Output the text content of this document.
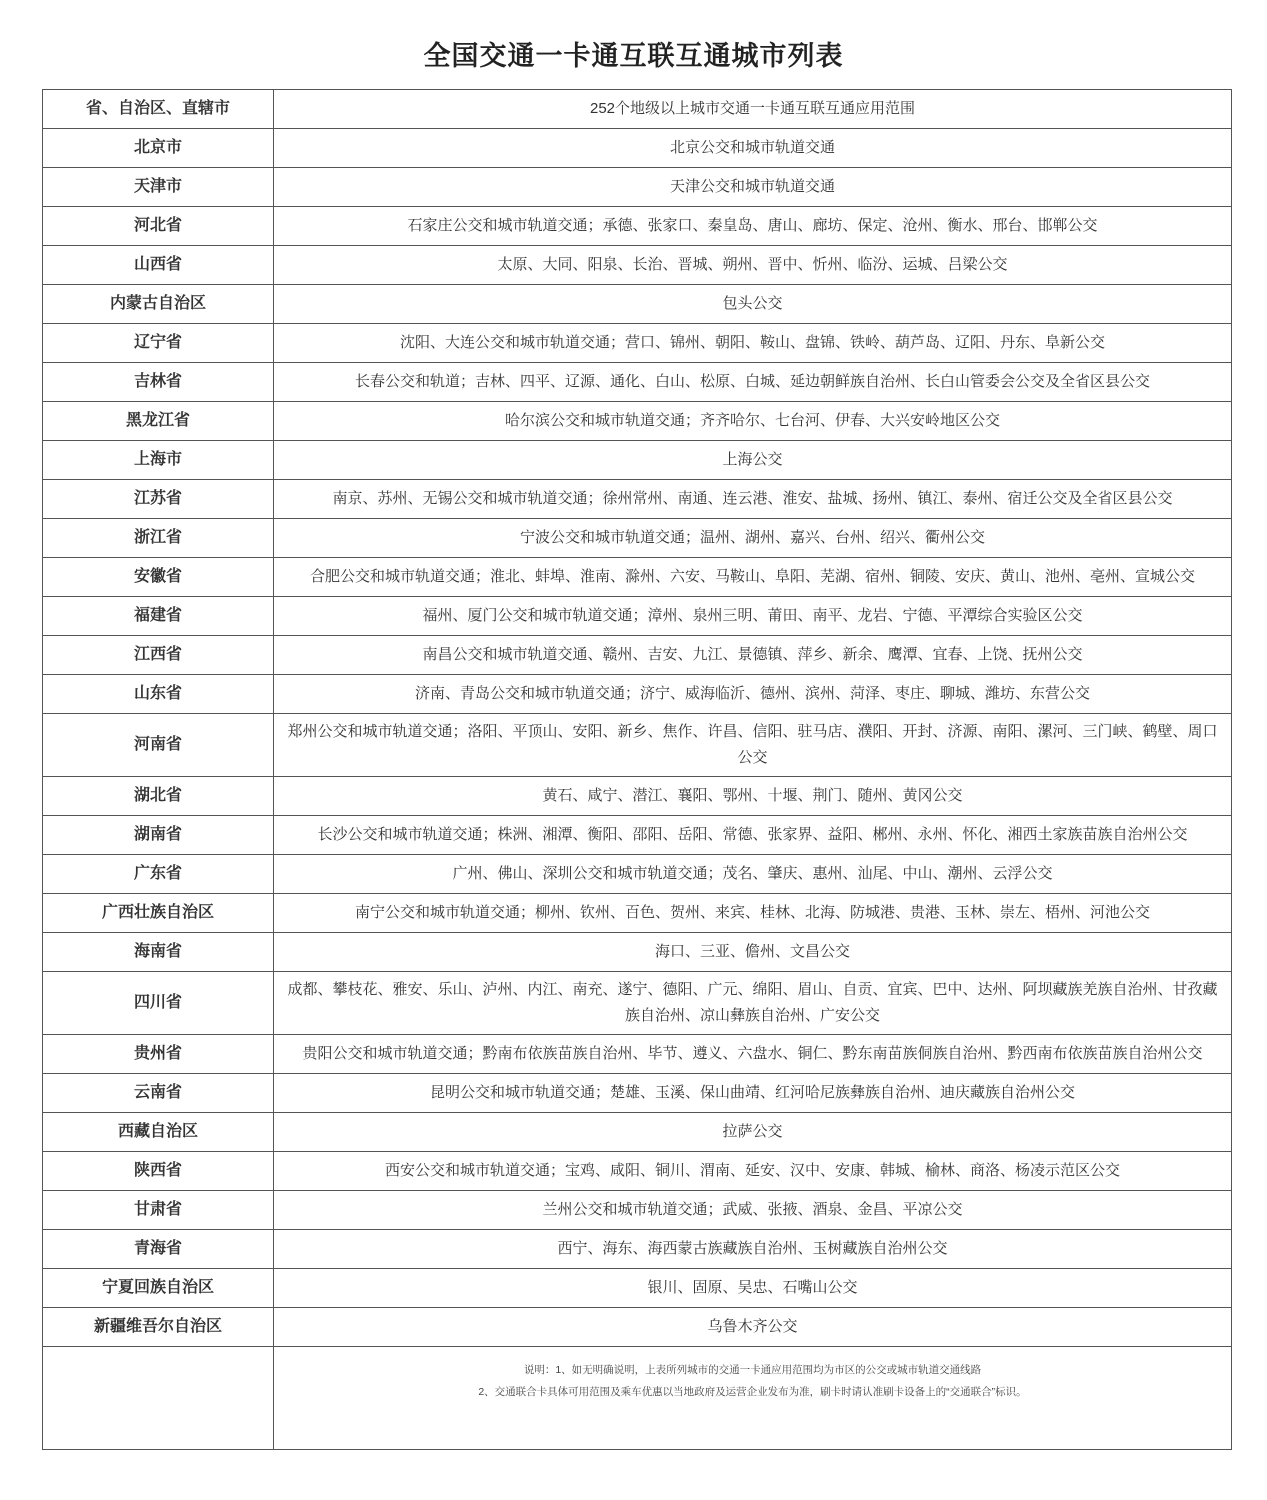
全国交通一卡通互联互通城市列表
省、自治区、直辖市	252个地级以上城市交通一卡通互联互通应用范围
北京市	北京公交和城市轨道交通
天津市	天津公交和城市轨道交通
河北省	石家庄公交和城市轨道交通；承德、张家口、秦皇岛、唐山、廊坊、保定、沧州、衡水、邢台、邯郸公交
山西省	太原、大同、阳泉、长治、晋城、朔州、晋中、忻州、临汾、运城、吕梁公交
内蒙古自治区	包头公交
辽宁省	沈阳、大连公交和城市轨道交通；营口、锦州、朝阳、鞍山、盘锦、铁岭、葫芦岛、辽阳、丹东、阜新公交
吉林省	长春公交和轨道；吉林、四平、辽源、通化、白山、松原、白城、延边朝鲜族自治州、长白山管委会公交及全省区县公交
黑龙江省	哈尔滨公交和城市轨道交通；齐齐哈尔、七台河、伊春、大兴安岭地区公交
上海市	上海公交
江苏省	南京、苏州、无锡公交和城市轨道交通；徐州常州、南通、连云港、淮安、盐城、扬州、镇江、泰州、宿迁公交及全省区县公交
浙江省	宁波公交和城市轨道交通；温州、湖州、嘉兴、台州、绍兴、衢州公交
安徽省	合肥公交和城市轨道交通；淮北、蚌埠、淮南、滁州、六安、马鞍山、阜阳、芜湖、宿州、铜陵、安庆、黄山、池州、亳州、宣城公交
福建省	福州、厦门公交和城市轨道交通；漳州、泉州三明、莆田、南平、龙岩、宁德、平潭综合实验区公交
江西省	南昌公交和城市轨道交通、赣州、吉安、九江、景德镇、萍乡、新余、鹰潭、宜春、上饶、抚州公交
山东省	济南、青岛公交和城市轨道交通；济宁、威海临沂、德州、滨州、菏泽、枣庄、聊城、潍坊、东营公交
河南省	郑州公交和城市轨道交通；洛阳、平顶山、安阳、新乡、焦作、许昌、信阳、驻马店、濮阳、开封、济源、南阳、漯河、三门峡、鹤壁、周口公交
湖北省	黄石、咸宁、潜江、襄阳、鄂州、十堰、荆门、随州、黄冈公交
湖南省	长沙公交和城市轨道交通；株洲、湘潭、衡阳、邵阳、岳阳、常德、张家界、益阳、郴州、永州、怀化、湘西土家族苗族自治州公交
广东省	广州、佛山、深圳公交和城市轨道交通；茂名、肇庆、惠州、汕尾、中山、潮州、云浮公交
广西壮族自治区	南宁公交和城市轨道交通；柳州、钦州、百色、贺州、来宾、桂林、北海、防城港、贵港、玉林、崇左、梧州、河池公交
海南省	海口、三亚、儋州、文昌公交
四川省	成都、攀枝花、雅安、乐山、泸州、内江、南充、遂宁、德阳、广元、绵阳、眉山、自贡、宜宾、巴中、达州、阿坝藏族羌族自治州、甘孜藏族自治州、凉山彝族自治州、广安公交
贵州省	贵阳公交和城市轨道交通；黔南布依族苗族自治州、毕节、遵义、六盘水、铜仁、黔东南苗族侗族自治州、黔西南布依族苗族自治州公交
云南省	昆明公交和城市轨道交通；楚雄、玉溪、保山曲靖、红河哈尼族彝族自治州、迪庆藏族自治州公交
西藏自治区	拉萨公交
陕西省	西安公交和城市轨道交通；宝鸡、咸阳、铜川、渭南、延安、汉中、安康、韩城、榆林、商洛、杨凌示范区公交
甘肃省	兰州公交和城市轨道交通；武威、张掖、酒泉、金昌、平凉公交
青海省	西宁、海东、海西蒙古族藏族自治州、玉树藏族自治州公交
宁夏回族自治区	银川、固原、吴忠、石嘴山公交
新疆维吾尔自治区	乌鲁木齐公交

	说明：1、如无明确说明，上表所列城市的交通一卡通应用范围均为市区的公交或城市轨道交通线路
2、交通联合卡具体可用范围及乘车优惠以当地政府及运营企业发布为准，刷卡时请认准刷卡设备上的“交通联合”标识。
